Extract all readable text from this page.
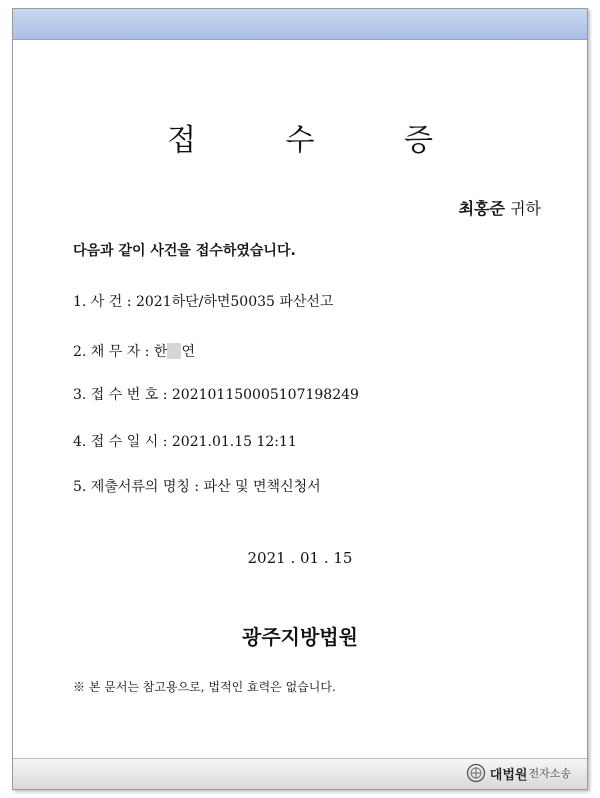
접 수 증
최홍준 귀하
다음과 같이 사건을 접수하였습니다.
1. 사 건 : 2021하단/하면50035 파산선고
2. 채 무 자 : 한 연
3. 접 수 번 호 : 20210115000510719​8249
4. 접 수 일 시 : 2021.01.15 12:11
5. 제출서류의 명칭 : 파산 및 면책신청서
2021 . 01 . 15
광주지방법원
※ 본 문서는 참고용으로, 법적인 효력은 없습니다.
대법원 전자소송
